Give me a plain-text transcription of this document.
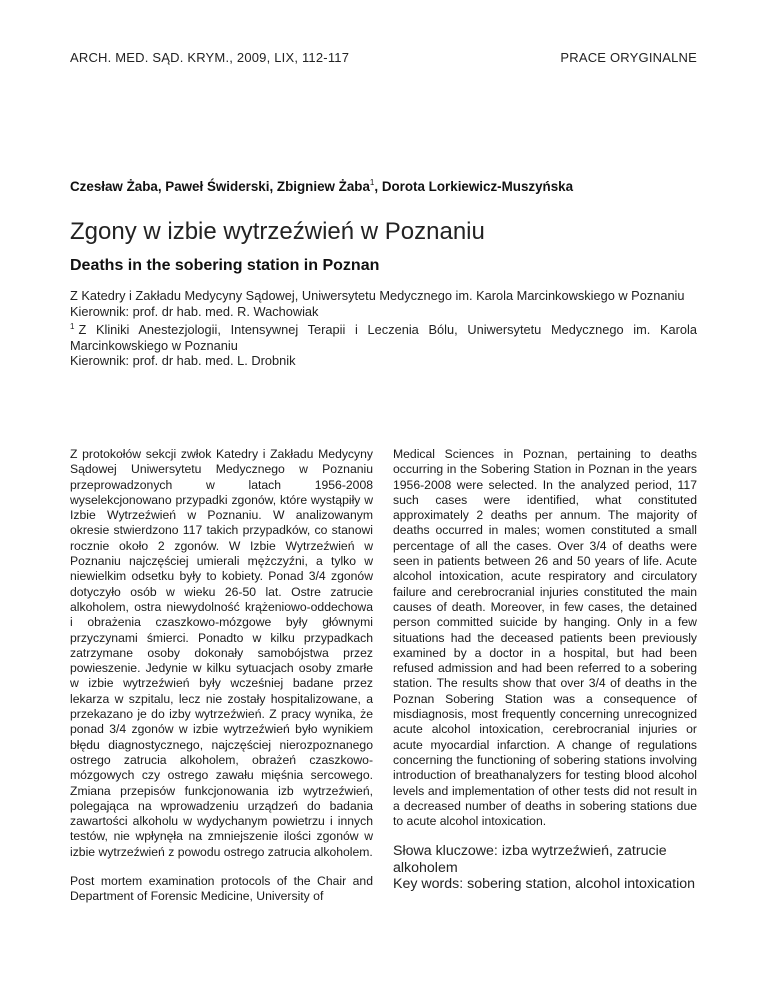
ARCH. MED. SĄD. KRYM., 2009, LIX, 112-117	PRACE ORYGINALNE
Czesław Żaba, Paweł Świderski, Zbigniew Żaba$^1$, Dorota Lorkiewicz-Muszyńska
Zgony w izbie wytrzeźwień w Poznaniu
Deaths in the sobering station in Poznan

Z Katedry i Zakładu Medycyny Sądowej, Uniwersytetu Medycznego im. Karola Marcinkowskiego w Poznaniu

Kierownik: prof. dr hab. med. R. Wachowiak

$^1$ Z Kliniki Anestezjologii, Intensywnej Terapii i Leczenia Bólu, Uniwersytetu Medycznego im. Karola Marcinkowskiego w Poznaniu

Kierownik: prof. dr hab. med. L. Drobnik

Z protokołów sekcji zwłok Katedry i Zakładu Medycyny Sądowej Uniwersytetu Medycznego w Poznaniu przeprowadzonych w latach 1956-2008 wyselekcjonowano przypadki zgonów, które wystąpiły w Izbie Wytrzeźwień w Poznaniu. W analizowanym okresie stwierdzono 117 takich przypadków, co stanowi rocznie około 2 zgonów. W Izbie Wytrzeźwień w Poznaniu najczęściej umierali mężczyźni, a tylko w niewielkim odsetku były to kobiety. Ponad 3/4 zgonów dotyczyło osób w wieku 26-50 lat. Ostre zatrucie alkoholem, ostra niewydolność krążeniowo-oddechowa i obrażenia czaszkowo-mózgowe były głównymi przyczynami śmierci. Ponadto w kilku przypadkach zatrzymane osoby dokonały samobójstwa przez powieszenie. Jedynie w kilku sytuacjach osoby zmarłe w izbie wytrzeźwień były wcześniej badane przez lekarza w szpitalu, lecz nie zostały hospitalizowane, a przekazano je do izby wytrzeźwień. Z pracy wynika, że ponad 3/4 zgonów w izbie wytrzeźwień było wynikiem błędu diagnostycznego, najczęściej nierozpoznanego ostrego zatrucia alkoholem, obrażeń czaszkowo-mózgowych czy ostrego zawału mięśnia sercowego. Zmiana przepisów funkcjonowania izb wytrzeźwień, polegająca na wprowadzeniu urządzeń do badania zawartości alkoholu w wydychanym powietrzu i innych testów, nie wpłynęła na zmniejszenie ilości zgonów w izbie wytrzeźwień z powodu ostrego zatrucia alkoholem.

Post mortem examination protocols of the Chair and Department of Forensic Medicine, University of

Medical Sciences in Poznan, pertaining to deaths occurring in the Sobering Station in Poznan in the years 1956-2008 were selected. In the analyzed period, 117 such cases were identified, what constituted approximately 2 deaths per annum. The majority of deaths occurred in males; women constituted a small percentage of all the cases. Over 3/4 of deaths were seen in patients between 26 and 50 years of life. Acute alcohol intoxication, acute respiratory and circulatory failure and cerebrocranial injuries constituted the main causes of death. Moreover, in few cases, the detained person committed suicide by hanging. Only in a few situations had the deceased patients been previously examined by a doctor in a hospital, but had been refused admission and had been referred to a sobering station. The results show that over 3/4 of deaths in the Poznan Sobering Station was a consequence of misdiagnosis, most frequently concerning unrecognized acute alcohol intoxication, cerebrocranial injuries or acute myocardial infarction. A change of regulations concerning the functioning of sobering stations involving introduction of breathanalyzers for testing blood alcohol levels and implementation of other tests did not result in a decreased number of deaths in sobering stations due to acute alcohol intoxication.

Słowa kluczowe: izba wytrzeźwień, zatrucie alkoholem

Key words: sobering station, alcohol intoxication
